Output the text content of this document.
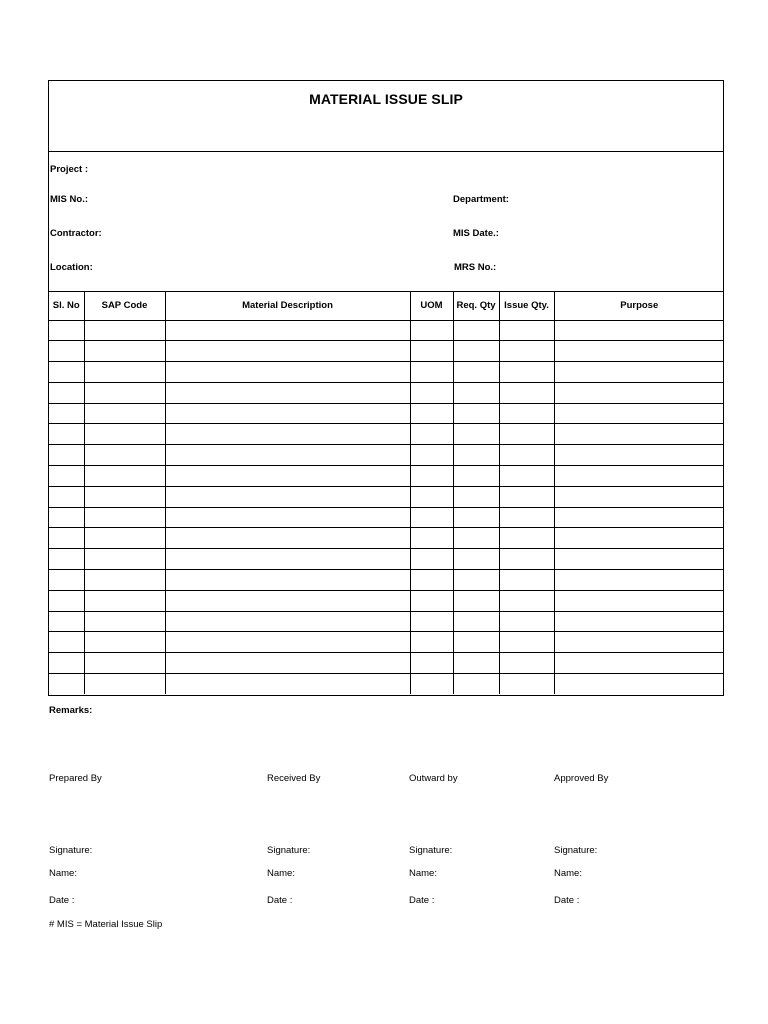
MATERIAL ISSUE SLIP
Project :
MIS No.:	Department:
Contractor:	MIS Date.:
Location:	MRS No.:
Sl. No	SAP Code	Material Description	UOM	Req. Qty	Issue Qty.	Purpose

Remarks:
Prepared By	Received By	Outward by	Approved By
Signature:	Signature:	Signature:	Signature:
Name:	Name:	Name:	Name:
Date :	Date :	Date :	Date :
# MIS = Material Issue Slip
